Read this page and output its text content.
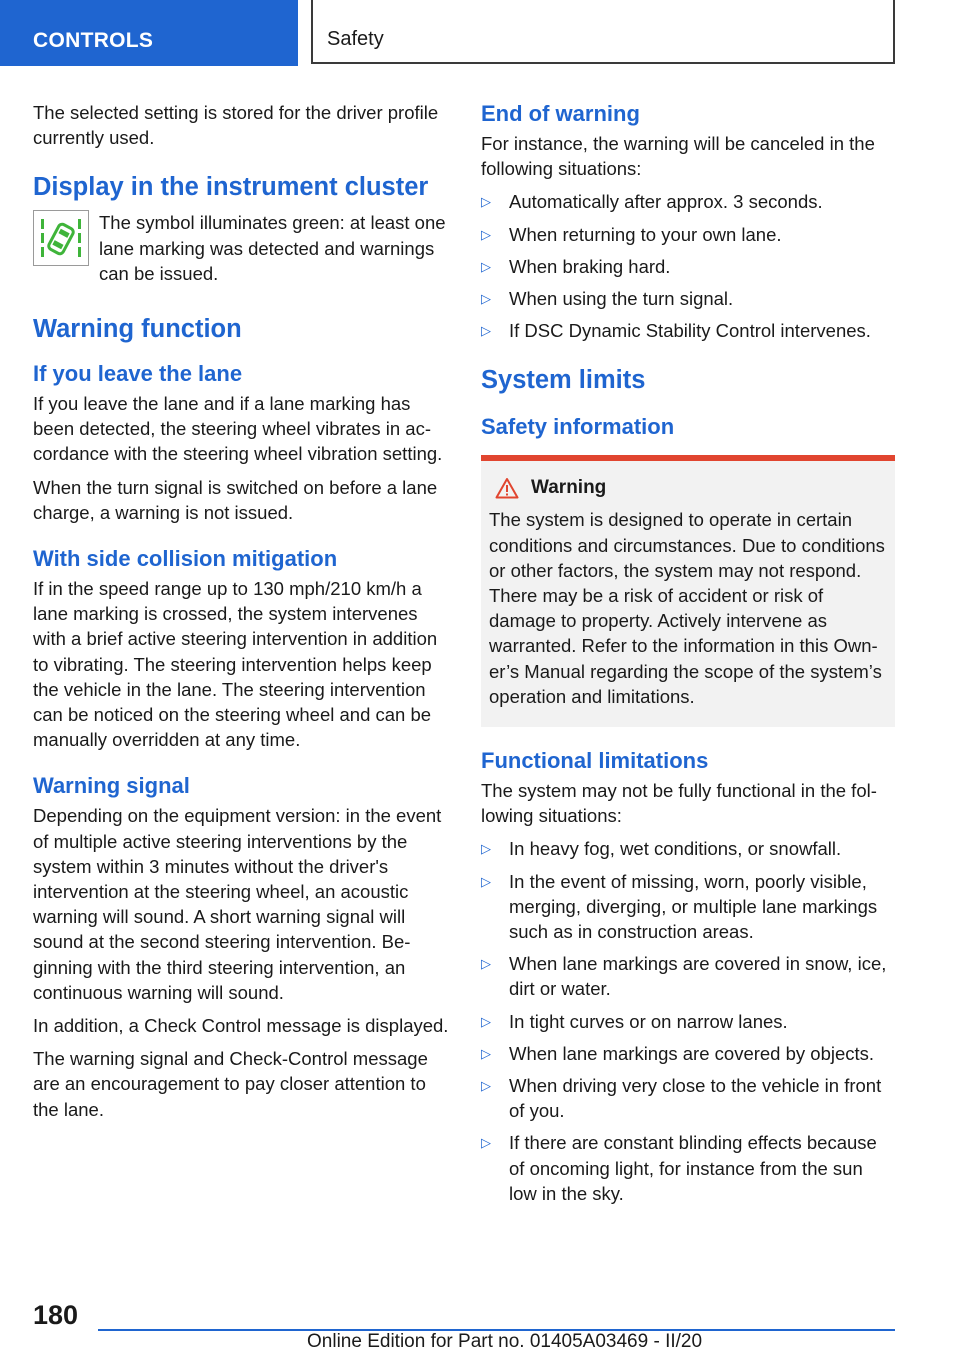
CONTROLS	Safety

The selected setting is stored for the driver profile currently used.

Display in the instrument cluster

The symbol illuminates green: at least one lane marking was detected and warnings can be issued.

Warning function
If you leave the lane

If you leave the lane and if a lane marking has been detected, the steering wheel vibrates in accordance with the steering wheel vibration setting.

When the turn signal is switched on before a lane charge, a warning is not issued.

With side collision mitigation

If in the speed range up to 130 mph/210 km/h a lane marking is crossed, the system intervenes with a brief active steering intervention in addition to vibrating. The steering intervention helps keep the vehicle in the lane. The steering intervention can be noticed on the steering wheel and can be manually overridden at any time.

Warning signal

Depending on the equipment version: in the event of multiple active steering interventions by the system within 3 minutes without the driver's intervention at the steering wheel, an acoustic warning will sound. A short warning signal will sound at the second steering intervention. Beginning with the third steering intervention, an continuous warning will sound.

In addition, a Check Control message is displayed.

The warning signal and Check-Control message are an encouragement to pay closer attention to the lane.

End of warning

For instance, the warning will be canceled in the following situations:

▷ Automatically after approx. 3 seconds.
▷ When returning to your own lane.
▷ When braking hard.
▷ When using the turn signal.
▷ If DSC Dynamic Stability Control intervenes.
System limits
Safety information
Warning

The system is designed to operate in certain conditions and circumstances. Due to conditions or other factors, the system may not respond. There may be a risk of accident or risk of damage to property. Actively intervene as warranted. Refer to the information in this Owner’s Manual regarding the scope of the system’s operation and limitations.

Functional limitations

The system may not be fully functional in the following situations:

▷ In heavy fog, wet conditions, or snowfall.
▷ In the event of missing, worn, poorly visible, merging, diverging, or multiple lane markings such as in construction areas.
▷ When lane markings are covered in snow, ice, dirt or water.
▷ In tight curves or on narrow lanes.
▷ When lane markings are covered by objects.
▷ When driving very close to the vehicle in front of you.
▷ If there are constant blinding effects because of oncoming light, for instance from the sun low in the sky.
180
Online Edition for Part no. 01405A03469 - II/20
